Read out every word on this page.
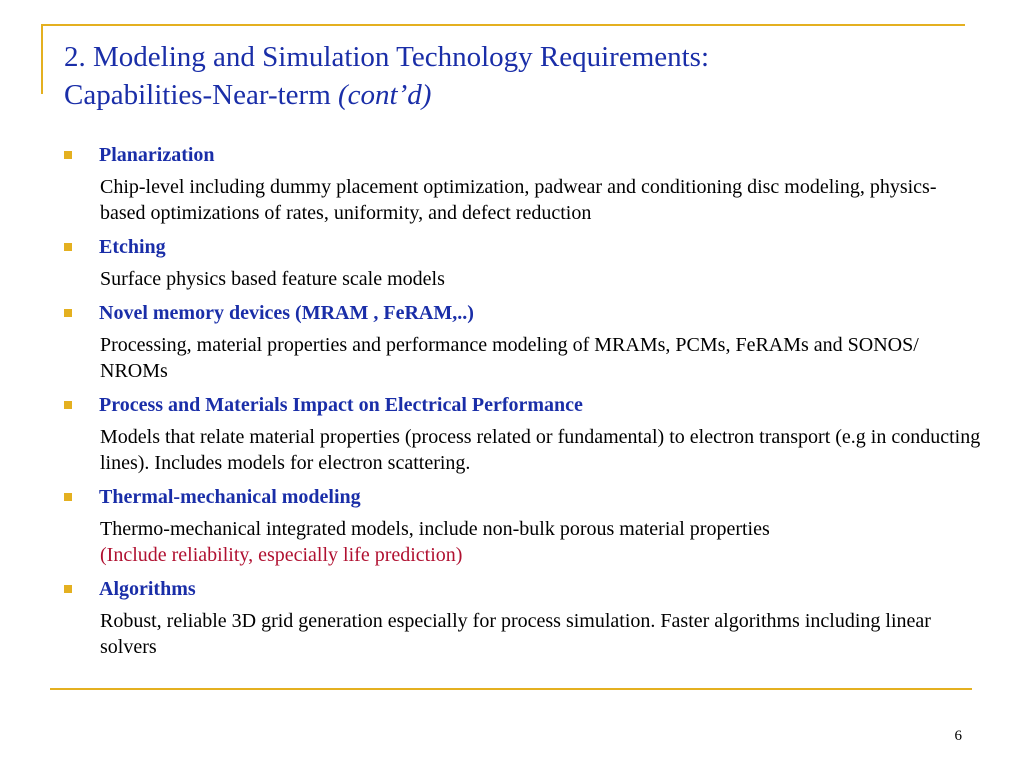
2. Modeling and Simulation Technology Requirements:
Capabilities-Near-term (cont’d)
Planarization
Chip-level including dummy placement optimization, padwear and conditioning disc modeling, physics-based optimizations of rates, uniformity, and defect reduction
Etching
Surface physics based feature scale models
Novel memory devices (MRAM , FeRAM,..)
Processing, material properties and performance modeling of MRAMs, PCMs, FeRAMs and SONOS/ NROMs
Process and Materials Impact on Electrical Performance
Models that relate material properties (process related or fundamental) to electron transport (e.g in conducting lines). Includes models for electron scattering.
Thermal-mechanical modeling
Thermo-mechanical integrated models, include non-bulk porous material properties
(Include reliability, especially life prediction)
Algorithms
Robust, reliable 3D grid generation especially for process simulation. Faster algorithms including linear solvers
6
